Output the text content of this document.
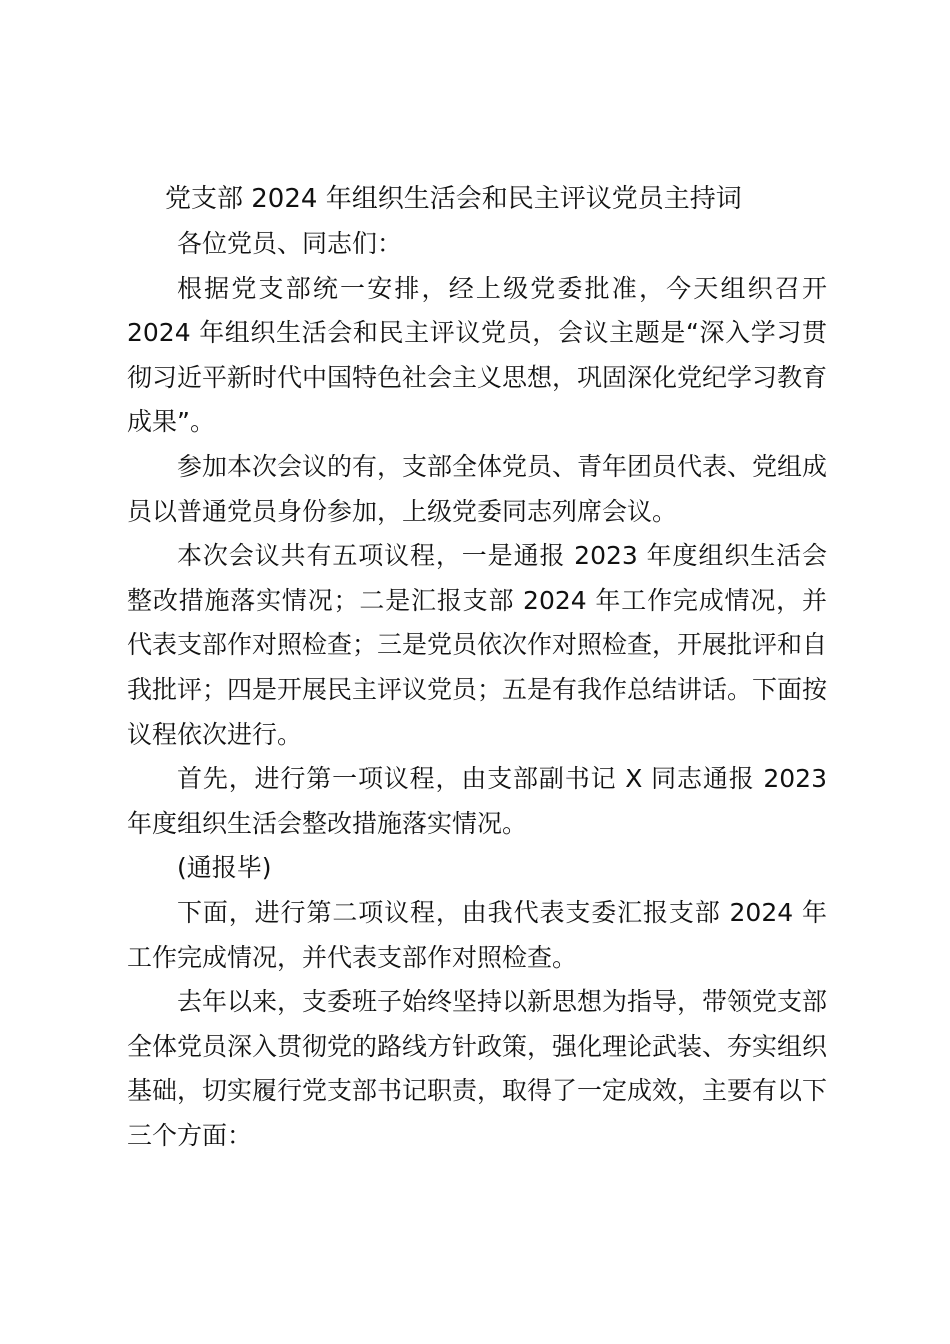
党支部 2024 年组织生活会和民主评议党员主持词

各位党员、同志们：

根据党支部统一安排，经上级党委批准，今天组织召开2024 年组织生活会和民主评议党员，会议主题是“深入学习贯彻习近平新时代中国特色社会主义思想，巩固深化党纪学习教育成果”。

参加本次会议的有，支部全体党员、青年团员代表、党组成员以普通党员身份参加，上级党委同志列席会议。

本次会议共有五项议程，一是通报 2023 年度组织生活会整改措施落实情况；二是汇报支部 2024 年工作完成情况，并代表支部作对照检查；三是党员依次作对照检查，开展批评和自我批评；四是开展民主评议党员；五是有我作总结讲话。下面按议程依次进行。

首先，进行第一项议程，由支部副书记 X 同志通报 2023年度组织生活会整改措施落实情况。

(通报毕)

下面，进行第二项议程，由我代表支委汇报支部 2024 年工作完成情况，并代表支部作对照检查。

去年以来，支委班子始终坚持以新思想为指导，带领党支部全体党员深入贯彻党的路线方针政策，强化理论武装、夯实组织基础，切实履行党支部书记职责，取得了一定成效，主要有以下三个方面：
